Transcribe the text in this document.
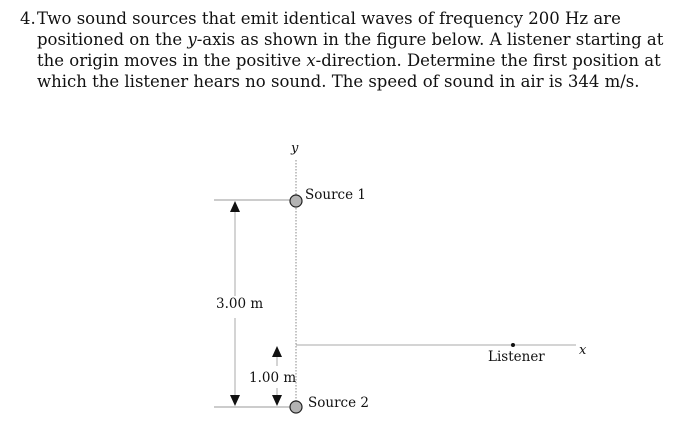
4. Two sound sources that emit identical waves of frequency 200 Hz are positioned on the y-axis as shown in the figure below. A listener starting at the origin moves in the positive x-direction. Determine the first position at which the listener hears no sound. The speed of sound in air is 344 m/s.
y
x
3.00 m
1.00 m
Source 1
Source 2
Listener
